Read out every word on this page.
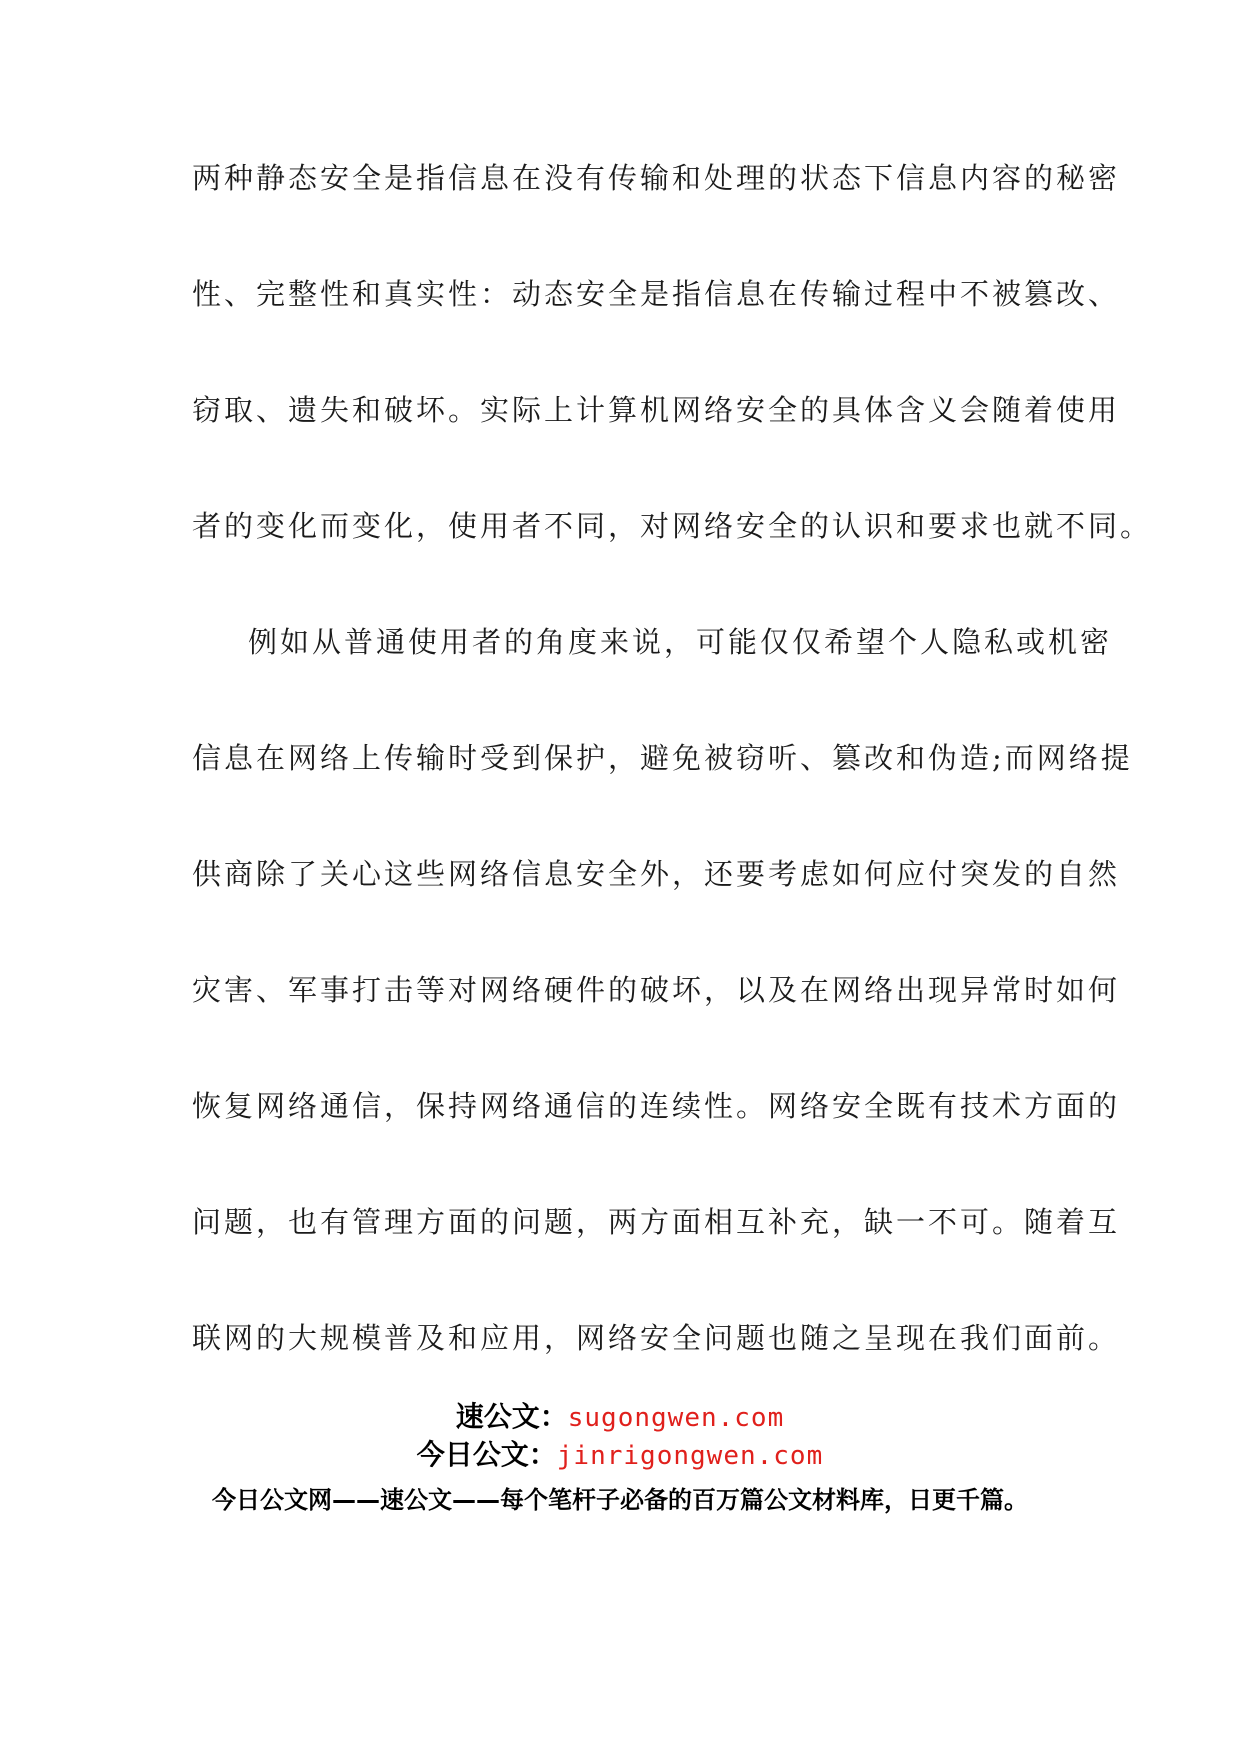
两种静态安全是指信息在没有传输和处理的状态下信息内容的秘密
性、完整性和真实性：动态安全是指信息在传输过程中不被篡改、
窃取、遗失和破坏。实际上计算机网络安全的具体含义会随着使用
者的变化而变化，使用者不同，对网络安全的认识和要求也就不同。
例如从普通使用者的角度来说，可能仅仅希望个人隐私或机密
信息在网络上传输时受到保护，避免被窃听、篡改和伪造;而网络提
供商除了关心这些网络信息安全外，还要考虑如何应付突发的自然
灾害、军事打击等对网络硬件的破坏，以及在网络出现异常时如何
恢复网络通信，保持网络通信的连续性。网络安全既有技术方面的
问题，也有管理方面的问题，两方面相互补充，缺一不可。随着互
联网的大规模普及和应用，网络安全问题也随之呈现在我们面前。
速公文：sugongwen.com
今日公文：jinrigongwen.com
今日公文网——速公文——每个笔杆子必备的百万篇公文材料库，日更千篇。
